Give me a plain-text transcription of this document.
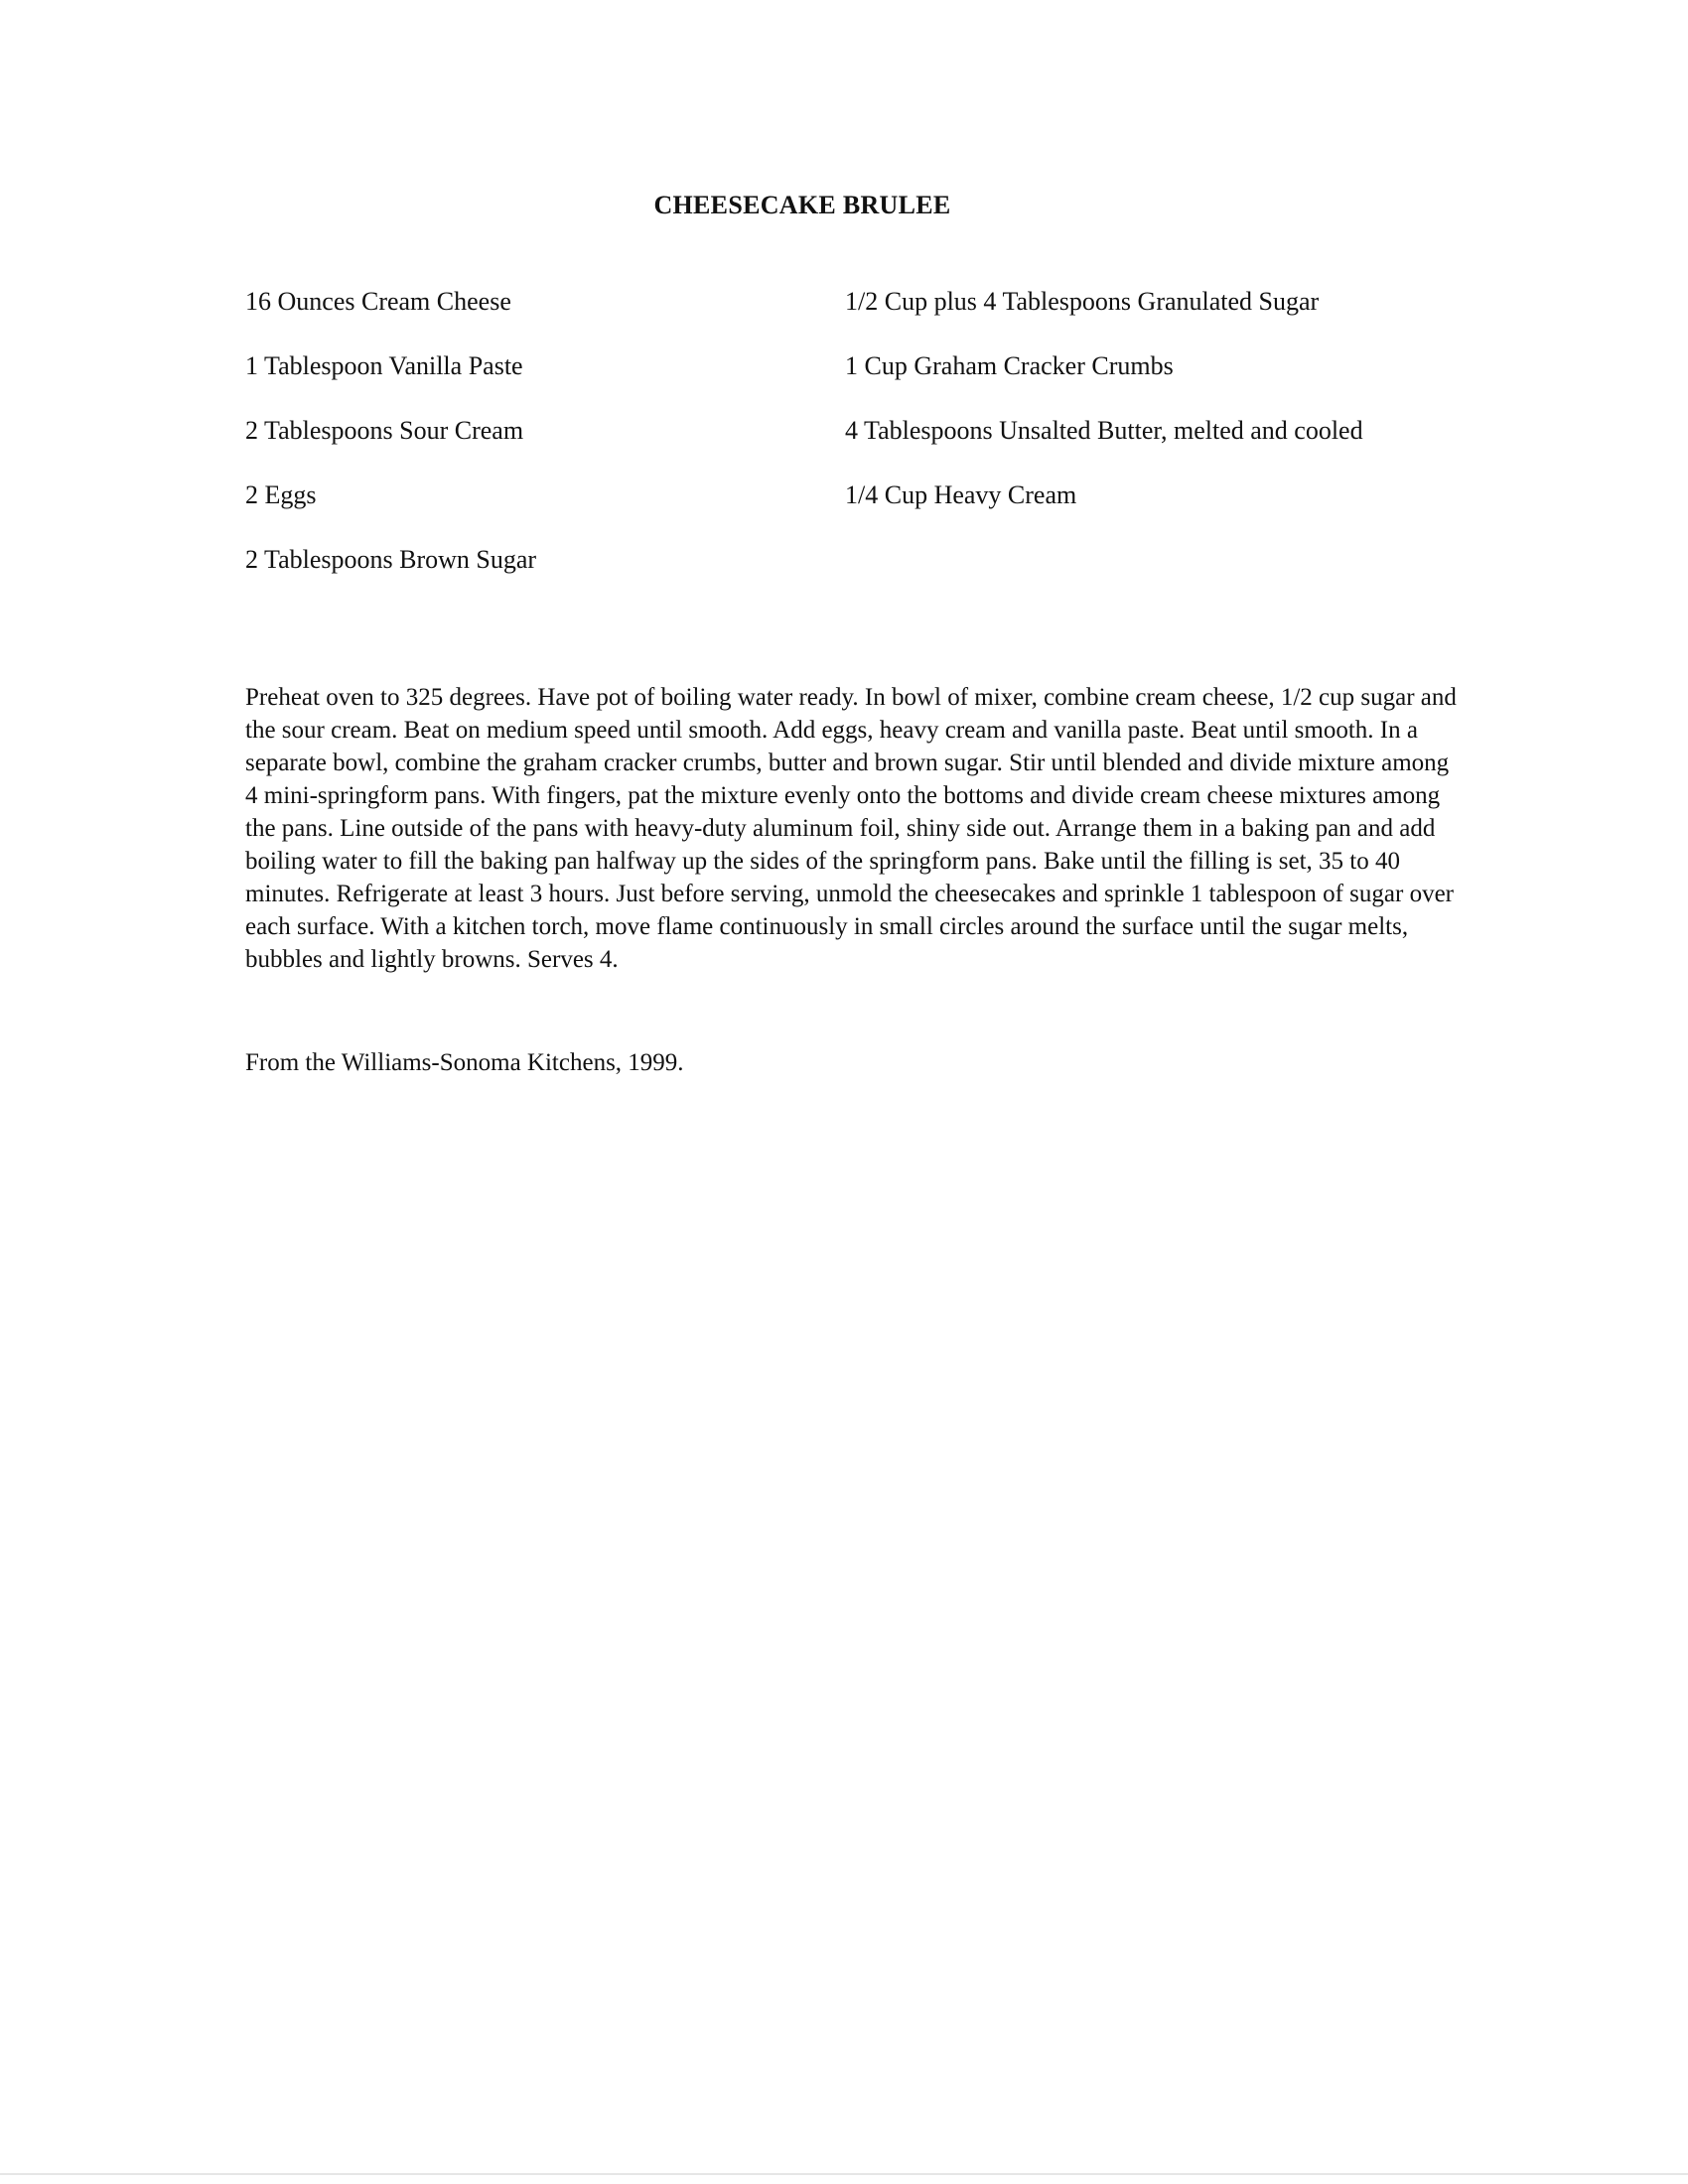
CHEESECAKE BRULEE
16 Ounces Cream Cheese
1 Tablespoon Vanilla Paste
2 Tablespoons Sour Cream
2 Eggs
2 Tablespoons Brown Sugar
1/2 Cup plus 4 Tablespoons Granulated Sugar
1 Cup Graham Cracker Crumbs
4 Tablespoons Unsalted Butter, melted and cooled
1/4 Cup Heavy Cream
Preheat oven to 325 degrees. Have pot of boiling water ready. In bowl of mixer, combine cream cheese, 1/2 cup sugar and the sour cream. Beat on medium speed until smooth. Add eggs, heavy cream and vanilla paste. Beat until smooth. In a separate bowl, combine the graham cracker crumbs, butter and brown sugar. Stir until blended and divide mixture among 4 mini-springform pans. With fingers, pat the mixture evenly onto the bottoms and divide cream cheese mixtures among the pans. Line outside of the pans with heavy-duty aluminum foil, shiny side out. Arrange them in a baking pan and add boiling water to fill the baking pan halfway up the sides of the springform pans. Bake until the filling is set, 35 to 40 minutes. Refrigerate at least 3 hours. Just before serving, unmold the cheesecakes and sprinkle 1 tablespoon of sugar over each surface. With a kitchen torch, move flame continuously in small circles around the surface until the sugar melts, bubbles and lightly browns. Serves 4.
From the Williams-Sonoma Kitchens, 1999.
